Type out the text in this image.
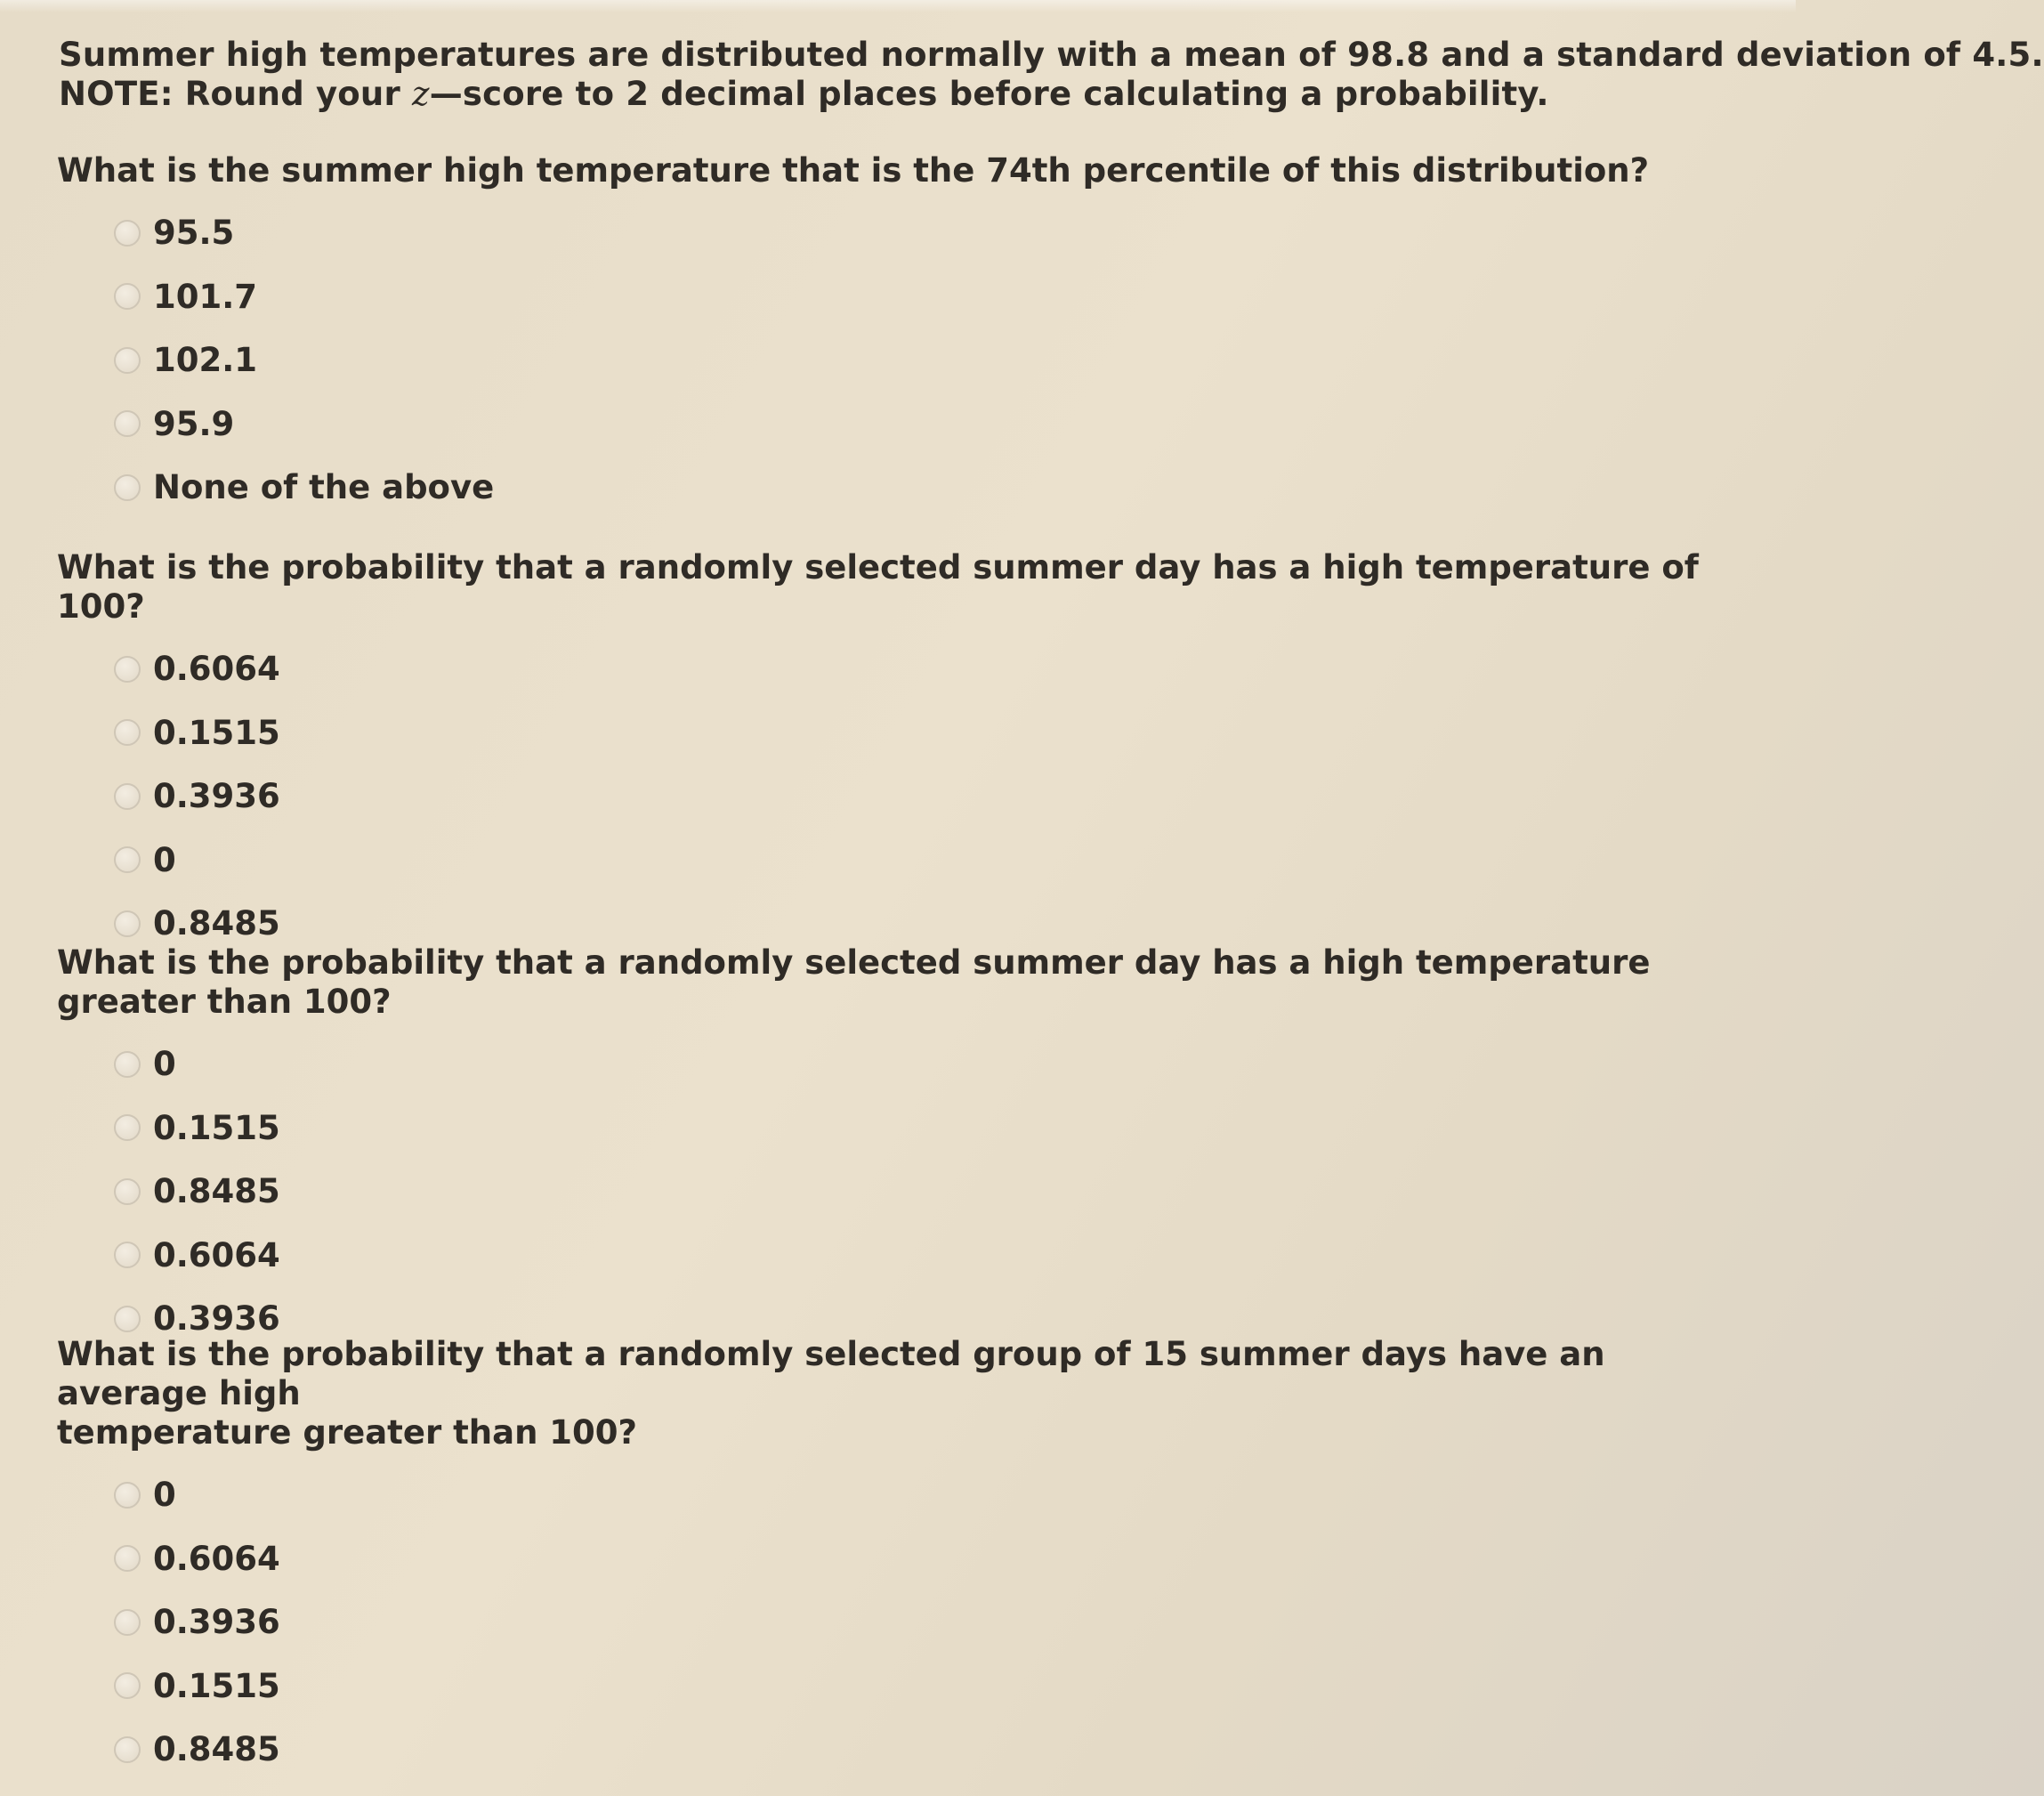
Summer high temperatures are distributed normally with a mean of 98.8 and a standard deviation of 4.5.
NOTE: Round your z—score to 2 decimal places before calculating a probability.

What is the summer high temperature that is the 74th percentile of this distribution?

95.5
101.7
102.1
95.9
None of the above

What is the probability that a randomly selected summer day has a high temperature of 100?

0.6064
0.1515
0.3936
0
0.8485

What is the probability that a randomly selected summer day has a high temperature greater than 100?

0
0.1515
0.8485
0.6064
0.3936

What is the probability that a randomly selected group of 15 summer days have an average high
temperature greater than 100?

0
0.6064
0.3936
0.1515
0.8485
